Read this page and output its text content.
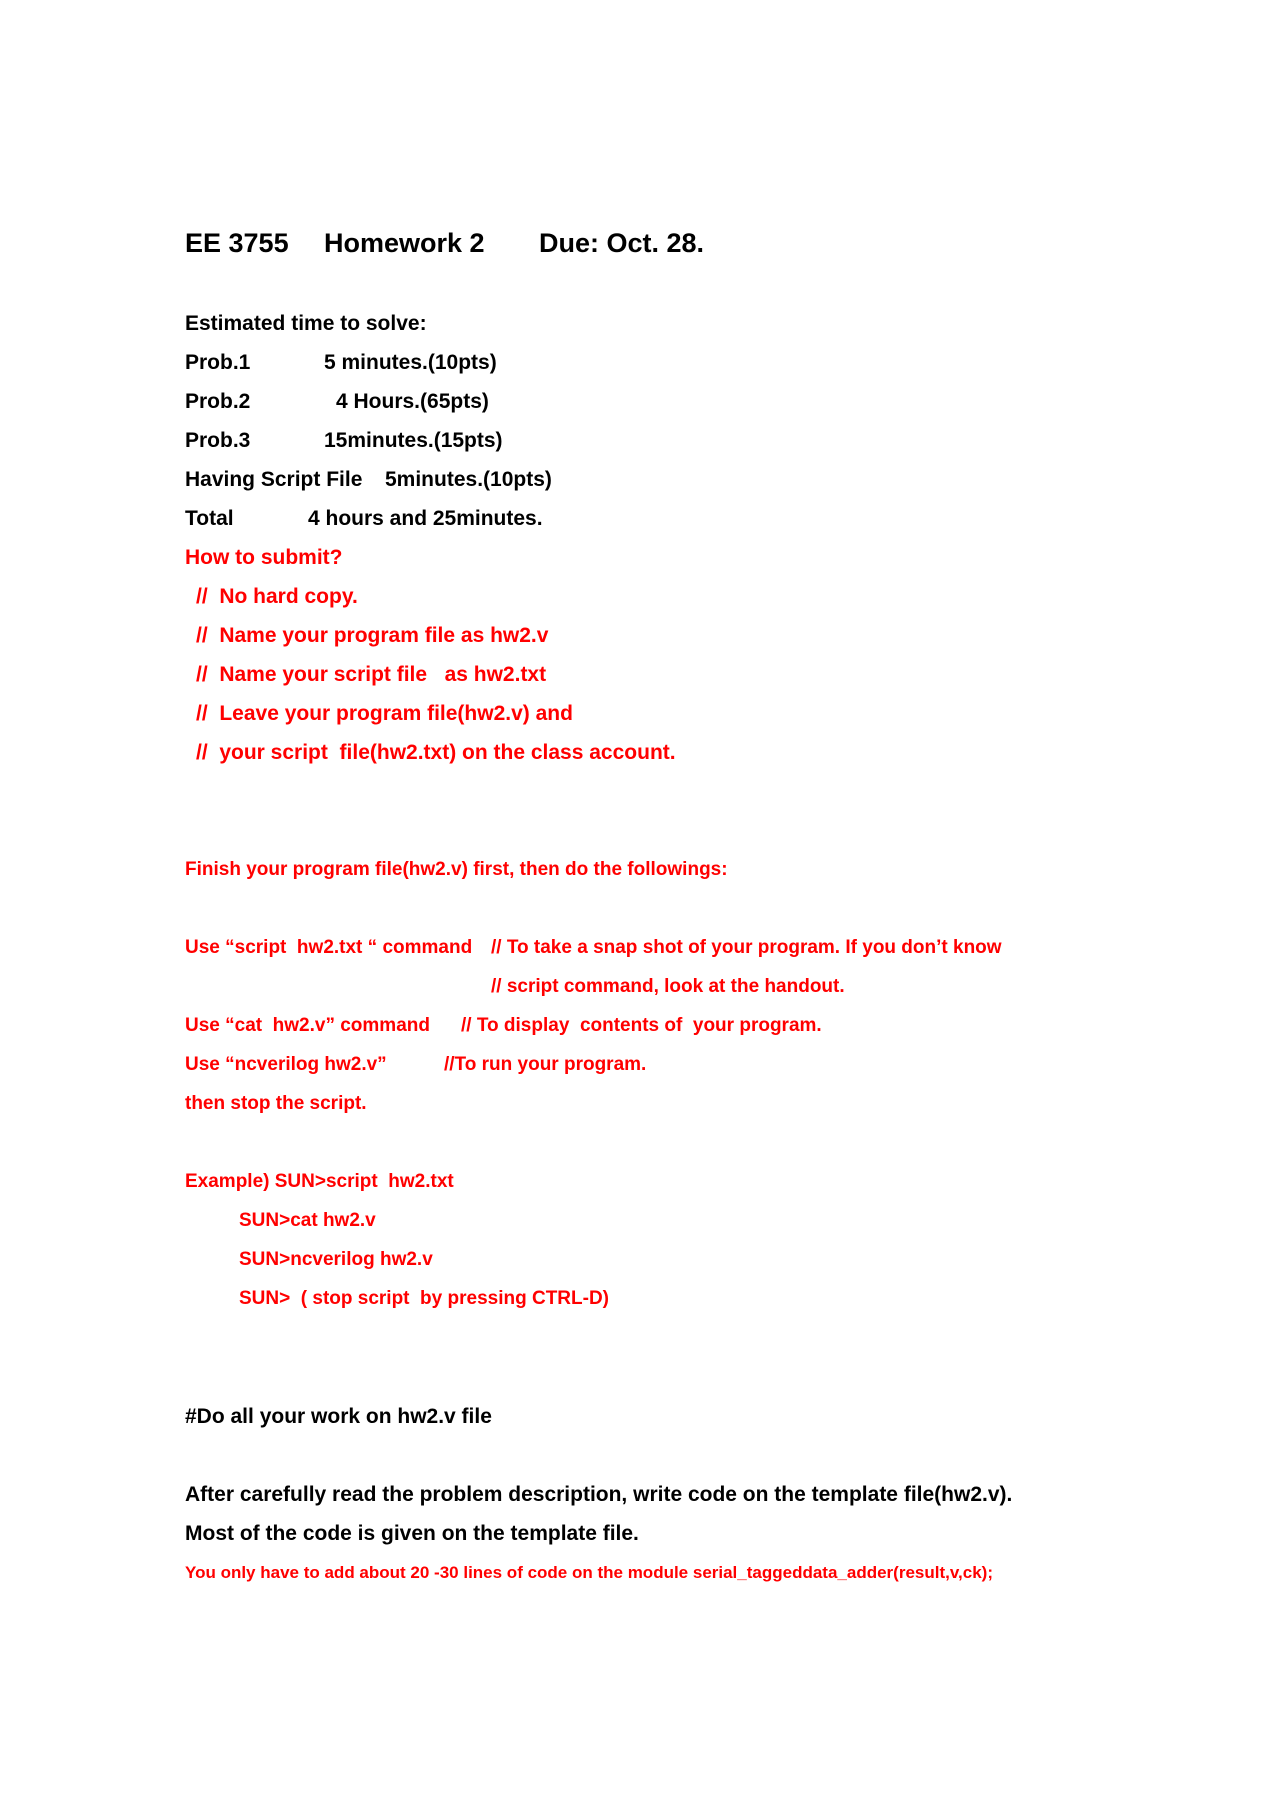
EE 3755 Homework 2 Due: Oct. 28.
Estimated time to solve:
Prob.1	5 minutes.(10pts)
Prob.2	4 Hours.(65pts)
Prob.3	15minutes.(15pts)
Having Script File 5minutes.(10pts)
Total	4 hours and 25minutes.
How to submit?
//  No hard copy.
//  Name your program file as hw2.v
//  Name your script file   as hw2.txt
//  Leave your program file(hw2.v) and
//  your script  file(hw2.txt) on the class account.
Finish your program file(hw2.v) first, then do the followings:
Use “script  hw2.txt “ command // To take a snap shot of your program. If you don’t know
// script command, look at the handout.
Use “cat  hw2.v” command // To display  contents of  your program.
Use “ncverilog hw2.v”	//To run your program.
then stop the script.
Example) SUN>script  hw2.txt
SUN>cat hw2.v
SUN>ncverilog hw2.v
SUN>  ( stop script  by pressing CTRL-D)
#Do all your work on hw2.v file
After carefully read the problem description, write code on the template file(hw2.v).
Most of the code is given on the template file.
You only have to add about 20 -30 lines of code on the module serial_taggeddata_adder(result,v,ck);
